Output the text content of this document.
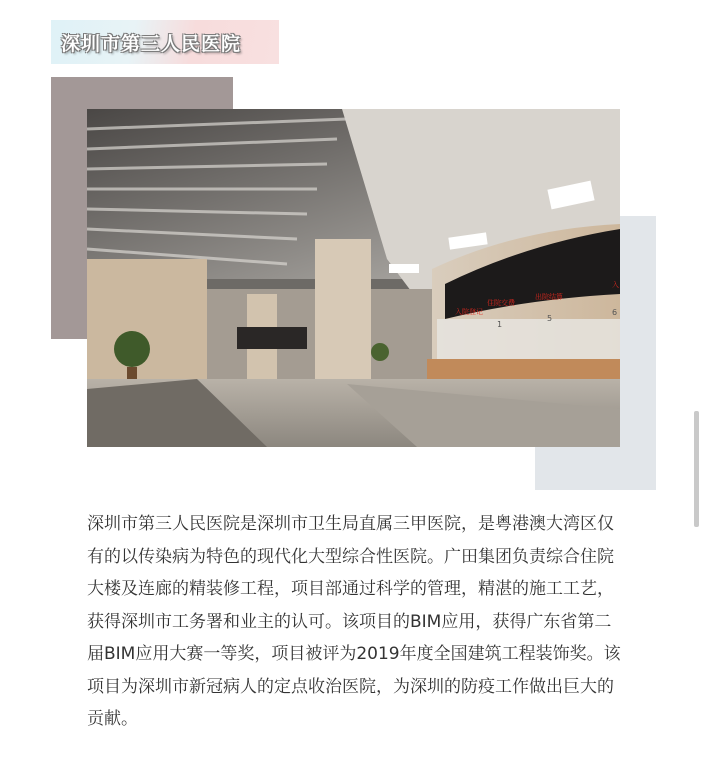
深圳市第三人民医院
入院登记
住院交费
出院结算
入
1
5
6

深圳市第三人民医院是深圳市卫生局直属三甲医院，是粤港澳大湾区仅有的以传染病为特色的现代化大型综合性医院。广田集团负责综合住院大楼及连廊的精装修工程，项目部通过科学的管理，精湛的施工工艺，获得深圳市工务署和业主的认可。该项目的BIM应用，获得广东省第二届BIM应用大赛一等奖，项目被评为2019年度全国建筑工程装饰奖。该项目为深圳市新冠病人的定点收治医院，为深圳的防疫工作做出巨大的贡献。
